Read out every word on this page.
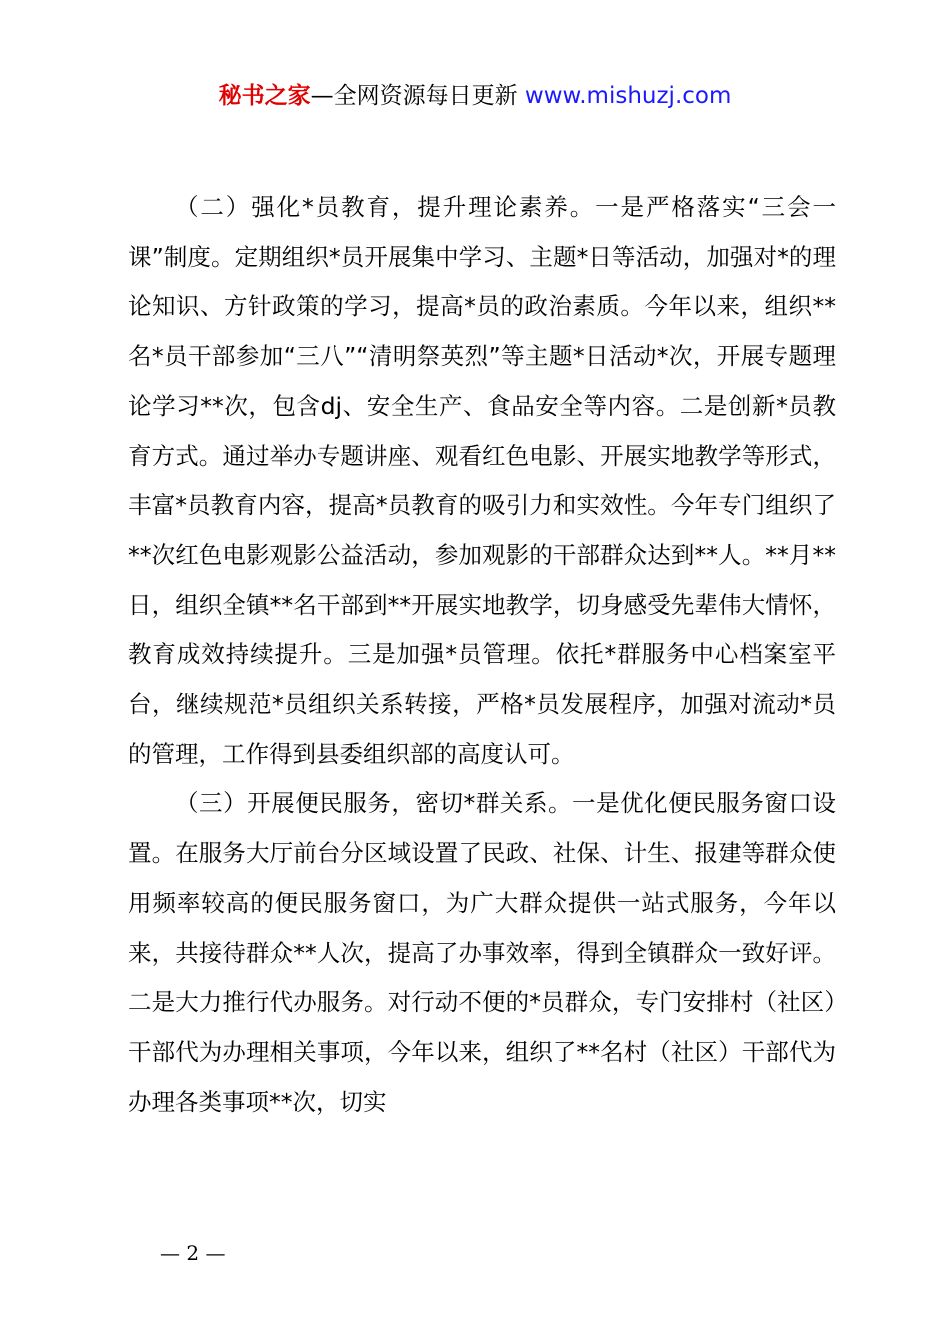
秘书之家—全网资源每日更新 www.mishuzj.com

（二）强化*员教育，提升理论素养。一是严格落实“三会一课”制度。定期组织*员开展集中学习、主题*日等活动，加强对*的理论知识、方针政策的学习，提高*员的政治素质。今年以来，组织**名*员干部参加“三八”“清明祭英烈”等主题*日活动*次，开展专题理论学习**次，包含dj、安全生产、食品安全等内容。二是创新*员教育方式。通过举办专题讲座、观看红色电影、开展实地教学等形式，丰富*员教育内容，提高*员教育的吸引力和实效性。今年专门组织了**次红色电影观影公益活动，参加观影的干部群众达到**人。**月**日，组织全镇**名干部到**开展实地教学，切身感受先辈伟大情怀，教育成效持续提升。三是加强*员管理。依托*群服务中心档案室平台，继续规范*员组织关系转接，严格*员发展程序，加强对流动*员的管理，工作得到县委组织部的高度认可。

（三）开展便民服务，密切*群关系。一是优化便民服务窗口设置。在服务大厅前台分区域设置了民政、社保、计生、报建等群众使用频率较高的便民服务窗口，为广大群众提供一站式服务，今年以来，共接待群众**人次，提高了办事效率，得到全镇群众一致好评。二是大力推行代办服务。对行动不便的*员群众，专门安排村（社区）干部代为办理相关事项，今年以来，组织了**名村（社区）干部代为办理各类事项**次，切实

— 2 —
